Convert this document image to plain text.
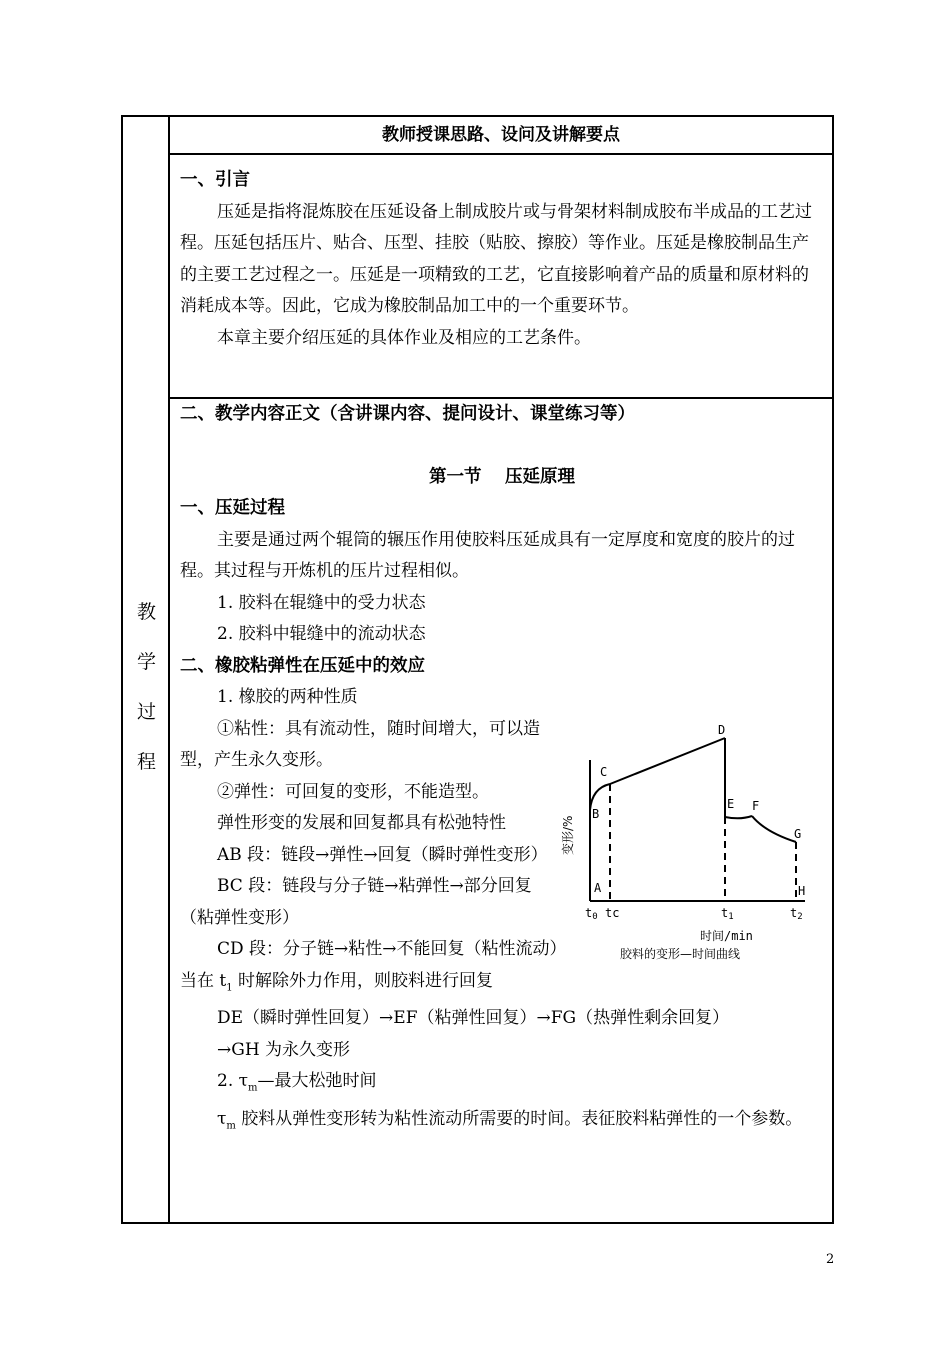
教
学
过
程
教师授课思路、设问及讲解要点

一、引言

压延是指将混炼胶在压延设备上制成胶片或与骨架材料制成胶布半成品的工艺过程。压延包括压片、贴合、压型、挂胶（贴胶、擦胶）等作业。压延是橡胶制品生产的主要工艺过程之一。压延是一项精致的工艺，它直接影响着产品的质量和原材料的消耗成本等。因此，它成为橡胶制品加工中的一个重要环节。

本章主要介绍压延的具体作业及相应的工艺条件。

二、教学内容正文（含讲课内容、提问设计、课堂练习等）

第一节　 压延原理

一、压延过程

主要是通过两个辊筒的辗压作用使胶料压延成具有一定厚度和宽度的胶片的过程。其过程与开炼机的压片过程相似。

1. 胶料在辊缝中的受力状态

2. 胶料中辊缝中的流动状态

二、橡胶粘弹性在压延中的效应

1. 橡胶的两种性质

①粘性：具有流动性，随时间增大，可以造型，产生永久变形。

②弹性：可回复的变形，不能造型。

弹性形变的发展和回复都具有松弛特性

AB 段：链段→弹性→回复（瞬时弹性变形）

BC 段：链段与分子链→粘弹性→部分回复（粘弹性变形）

CD 段：分子链→粘性→不能回复（粘性流动）

当在 $t_1$ 时解除外力作用，则胶料进行回复

DE（瞬时弹性回复）→EF（粘弹性回复）→FG（热弹性剩余回复）

→GH 为永久变形

2. $\tau_m—$最大松弛时间

$\tau_m$ 胶料从弹性变形转为粘性流动所需要的时间。表征胶料粘弹性的一个参数。

A
B
C
D
E F
G
H
t0 tc	t1	t2
时间/min
变形/%
胶料的变形—时间曲线
2
